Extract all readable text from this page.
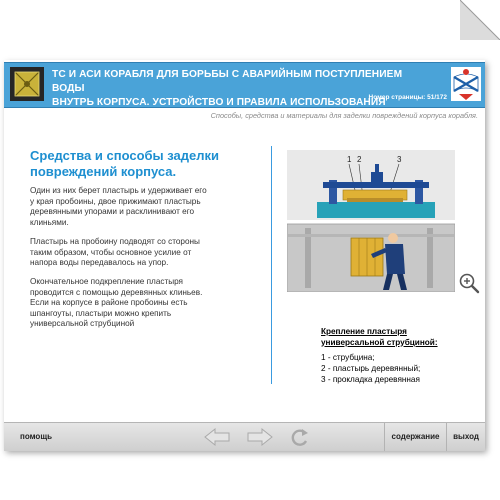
ТС И АСИ КОРАБЛЯ ДЛЯ БОРЬБЫ С АВАРИЙНЫМ ПОСТУПЛЕНИЕМ ВОДЫ
ВНУТРЬ КОРПУСА. УСТРОЙСТВО И ПРАВИЛА ИСПОЛЬЗОВАНИЯ
Номер страницы: 51/172
Способы, средства и материалы для заделки повреждений корпуса корабля.
Средства и способы заделки
повреждений корпуса.
Один из них берет пластырь и удерживает его
у края пробоины, двое прижимают пластырь
деревянными упорами и расклинивают его
клиньями.
Пластырь на пробоину подводят со стороны
таким образом, чтобы основное усилие от
напора воды передавалось на упор.
Окончательное подкрепление пластыря
проводится с помощью деревянных клиньев.
Если на корпусе в районе пробоины есть
шпангоуты, пластыри можно крепить
универсальной струбциной
1 2	3
Крепление пластыря
универсальной струбциной:
1 - струбцина;
2 - пластырь деревянный;
3 - прокладка деревянная
помощь	содержание	выход
